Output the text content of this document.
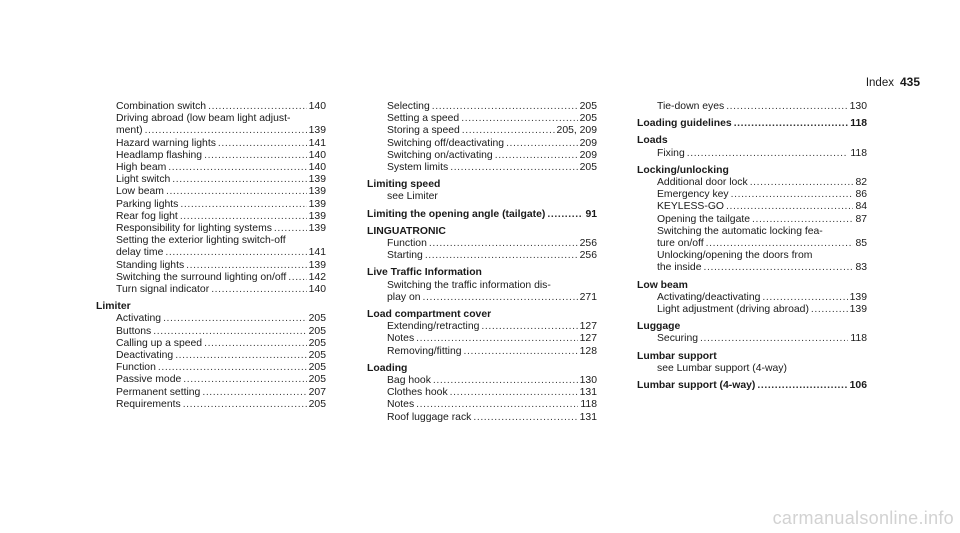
Index 435
Combination switch .....	140
Driving abroad (low beam light adjust-
ment) .....	139
Hazard warning lights .....	141
Headlamp flashing .....	140
High beam .....	140
Light switch .....	139
Low beam .....	139
Parking lights .....	139
Rear fog light .....	139
Responsibility for lighting systems .....	139
Setting the exterior lighting switch-off
delay time .....	141
Standing lights .....	139
Switching the surround lighting on/off ..... 142
Turn signal indicator .....	140
Limiter
Activating .....	205
Buttons .....	205
Calling up a speed .....	205
Deactivating .....	205
Function .....	205
Passive mode .....	205
Permanent setting .....	207
Requirements .....	205
Selecting .....	205
Setting a speed .....	205
Storing a speed .....	205, 209
Switching off/deactivating .....	209
Switching on/activating .....	209
System limits .....	205
Limiting speed
see Limiter
Limiting the opening angle (tailgate) .....	91
LINGUATRONIC
Function .....	256
Starting .....	256
Live Traffic Information
Switching the traffic information dis-
play on .....	271
Load compartment cover
Extending/retracting .....	127
Notes .....	127
Removing/fitting .....	128
Loading
Bag hook .....	130
Clothes hook .....	131
Notes .....	118
Roof luggage rack .....	131
Tie-down eyes .....	130
Loading guidelines .....	118
Loads
Fixing .....	118
Locking/unlocking
Additional door lock .....	82
Emergency key .....	86
KEYLESS-GO .....	84
Opening the tailgate .....	87
Switching the automatic locking fea-
ture on/off .....	85
Unlocking/opening the doors from
the inside .....	83
Low beam
Activating/deactivating .....	139
Light adjustment (driving abroad) .....	139
Luggage
Securing .....	118
Lumbar support
see Lumbar support (4-way)
Lumbar support (4-way) .....	106
carmanualsonline.info
